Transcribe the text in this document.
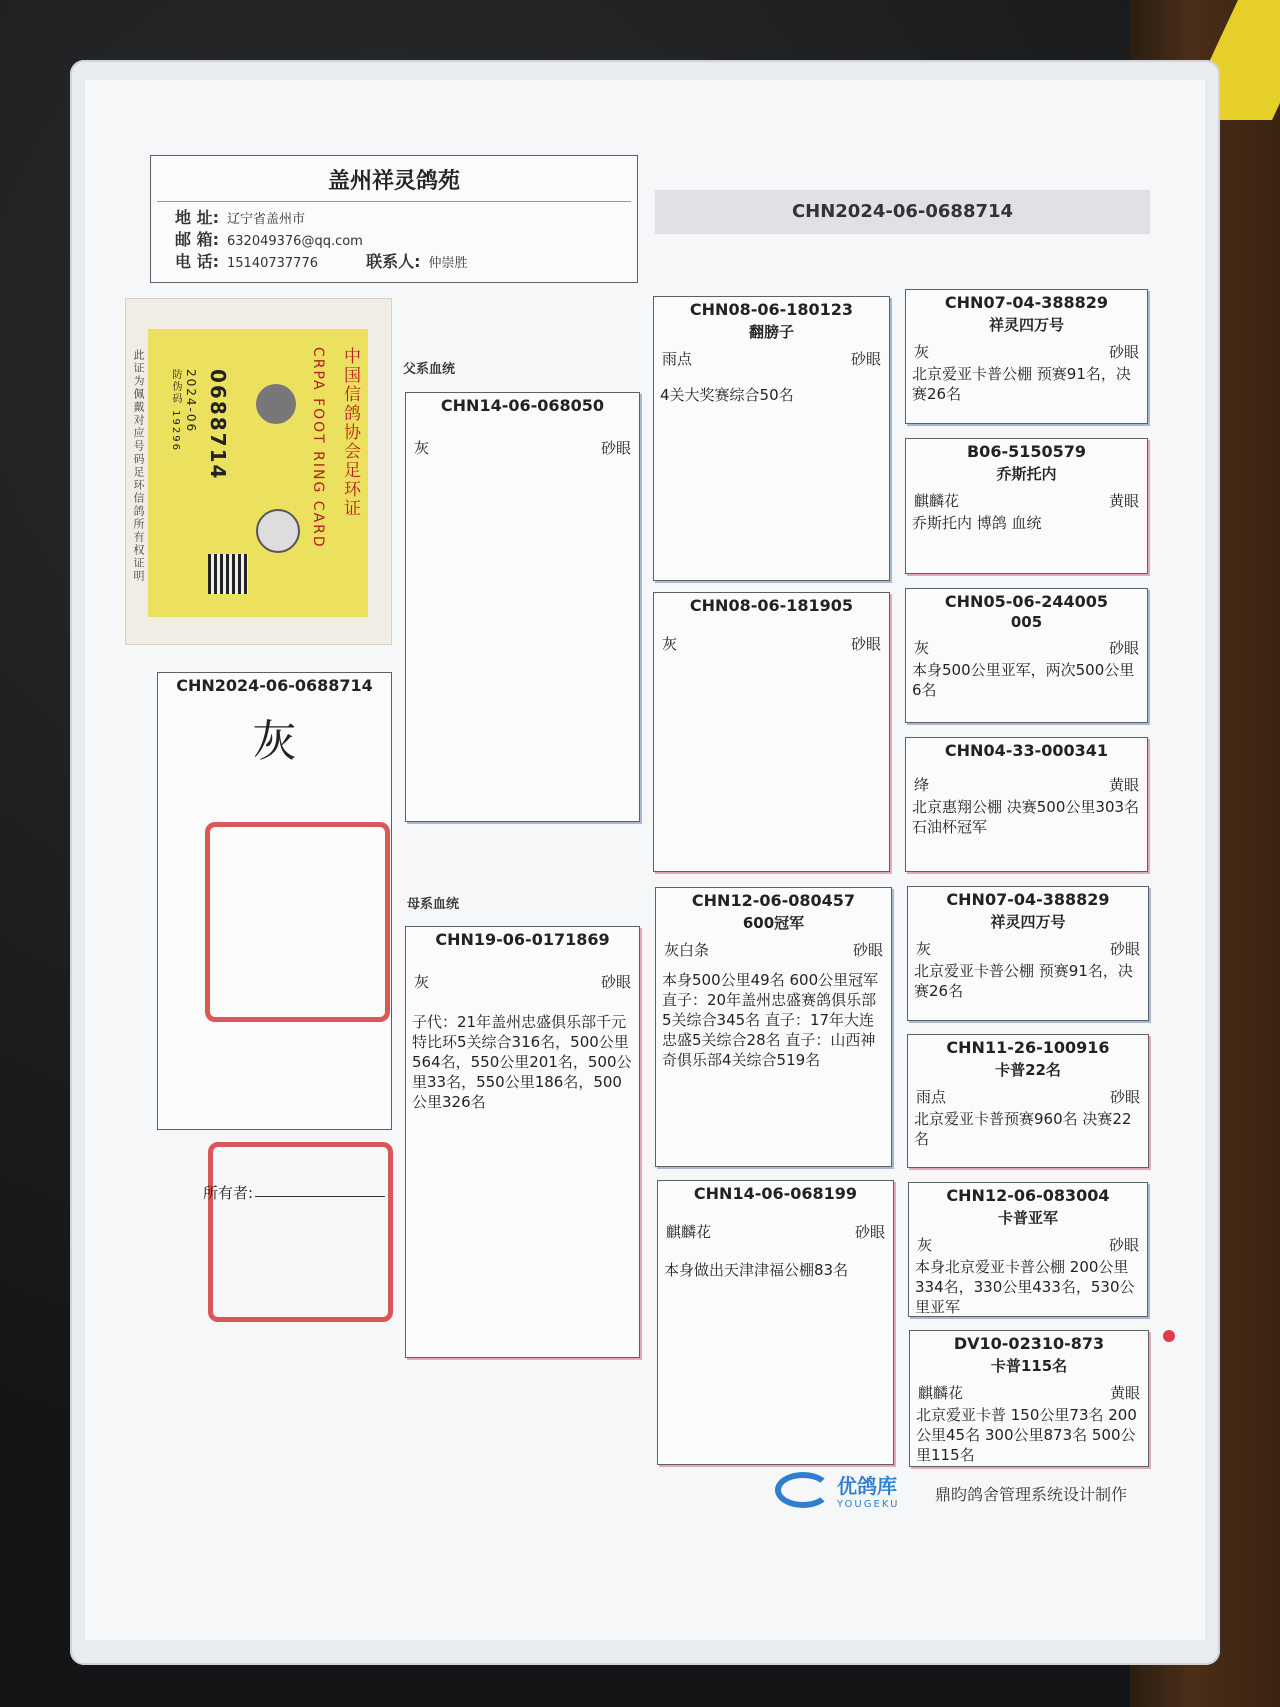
盖州祥灵鸽苑
地 址: 辽宁省盖州市
邮 箱: 632049376@qq.com
电 话: 15140737776	联系人: 仲崇胜
CHN2024-06-0688714
中国信鸽协会足环证
CRPA FOOT RING CARD
0688714
2024-06
防伪码 19296
此证为佩戴对应号码足环信鸽所有权证明
CHN2024-06-0688714
灰
所有者:
父系血统
母系血统
CHN14-06-068050
灰	砂眼
CHN19-06-0171869
灰	砂眼
子代：21年盖州忠盛俱乐部千元特比环5关综合316名，500公里564名，550公里201名，500公里33名，550公里186名，500公里326名
CHN08-06-180123
翻膀子
雨点	砂眼
4关大奖赛综合50名
CHN08-06-181905
灰	砂眼
CHN12-06-080457
600冠军
灰白条	砂眼
本身500公里49名 600公里冠军 直子：20年盖州忠盛赛鸽俱乐部5关综合345名 直子：17年大连忠盛5关综合28名 直子：山西神奇俱乐部4关综合519名
CHN14-06-068199
麒麟花	砂眼
本身做出天津津福公棚83名
CHN07-04-388829
祥灵四万号
灰	砂眼
北京爱亚卡普公棚 预赛91名，决赛26名
B06-5150579
乔斯托内
麒麟花	黄眼
乔斯托内 博鸽 血统
CHN05-06-244005
005
灰	砂眼
本身500公里亚军，两次500公里6名
CHN04-33-000341
绛	黄眼
北京惠翔公棚 决赛500公里303名 石油杯冠军
CHN07-04-388829
祥灵四万号
灰	砂眼
北京爱亚卡普公棚 预赛91名，决赛26名
CHN11-26-100916
卡普22名
雨点	砂眼
北京爱亚卡普预赛960名 决赛22名
CHN12-06-083004
卡普亚军
灰	砂眼
本身北京爱亚卡普公棚 200公里334名，330公里433名，530公里亚军
DV10-02310-873
卡普115名
麒麟花	黄眼
北京爱亚卡普 150公里73名 200公里45名 300公里873名 500公里115名
优鸽库
YOUGEKU
鼎昀鸽舍管理系统设计制作
